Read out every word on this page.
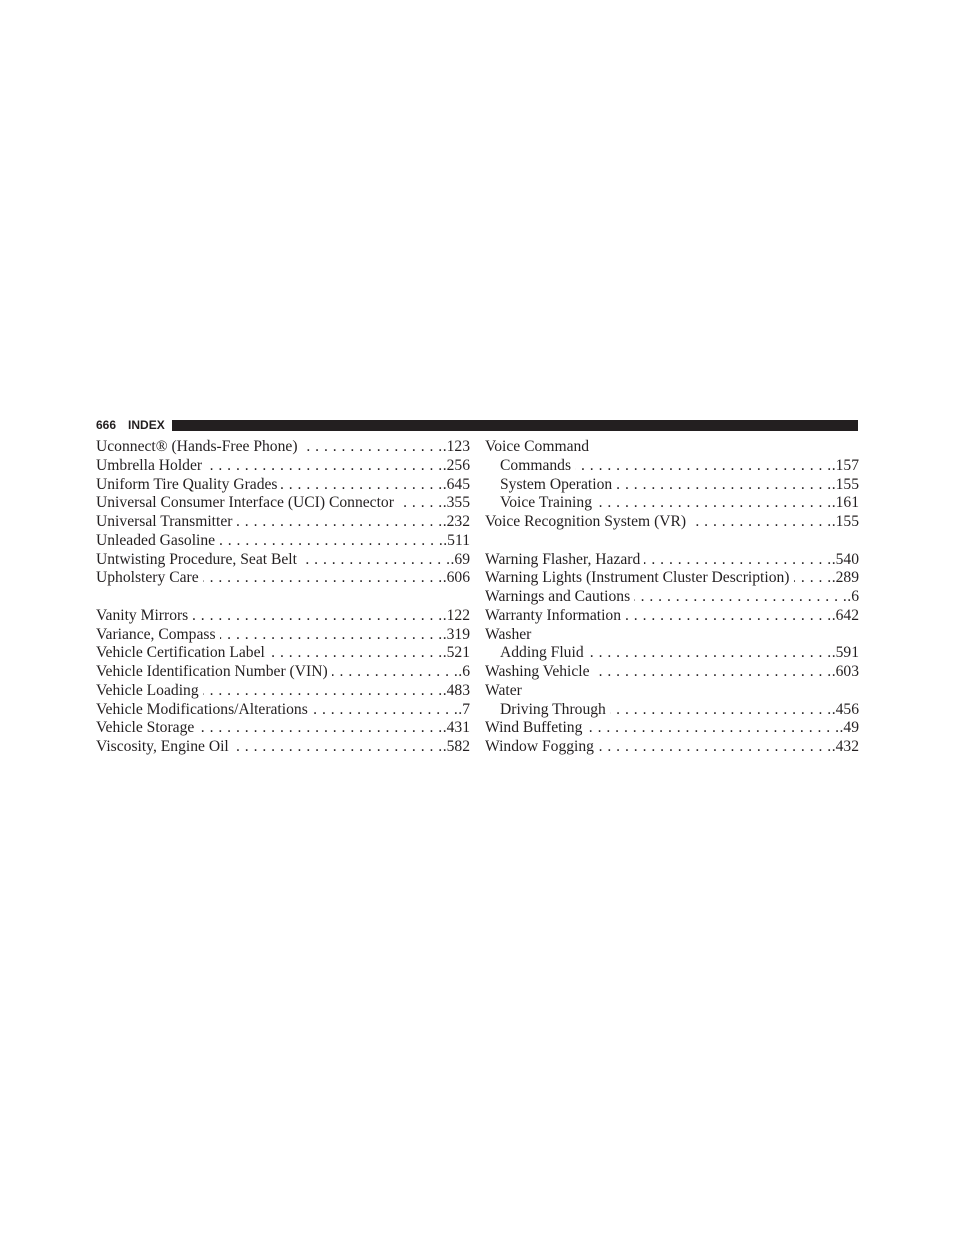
666 INDEX
Uconnect® (Hands-Free Phone) . . .	.123
Umbrella Holder . . .	.256
Uniform Tire Quality Grades . . .	.645
Universal Consumer Interface (UCI) Connector . . .	.355
Universal Transmitter . . .	.232
Unleaded Gasoline . . .	.511
Untwisting Procedure, Seat Belt . . .	.69
Upholstery Care . . .	.606
Vanity Mirrors . . .	.122
Variance, Compass . . .	.319
Vehicle Certification Label . . .	.521
Vehicle Identification Number (VIN) . . .	.6
Vehicle Loading . . .	.483
Vehicle Modifications/Alterations . . .	.7
Vehicle Storage . . .	.431
Viscosity, Engine Oil . . .	.582
Voice Command
Commands . . .	.157
System Operation . . .	.155
Voice Training . . .	.161
Voice Recognition System (VR) . . .	.155
Warning Flasher, Hazard . . .	.540
Warning Lights (Instrument Cluster Description) . . .	.289
Warnings and Cautions . . .	.6
Warranty Information . . .	.642
Washer
Adding Fluid . . .	.591
Washing Vehicle . . .	.603
Water
Driving Through . . .	.456
Wind Buffeting . . .	.49
Window Fogging . . .	.432
